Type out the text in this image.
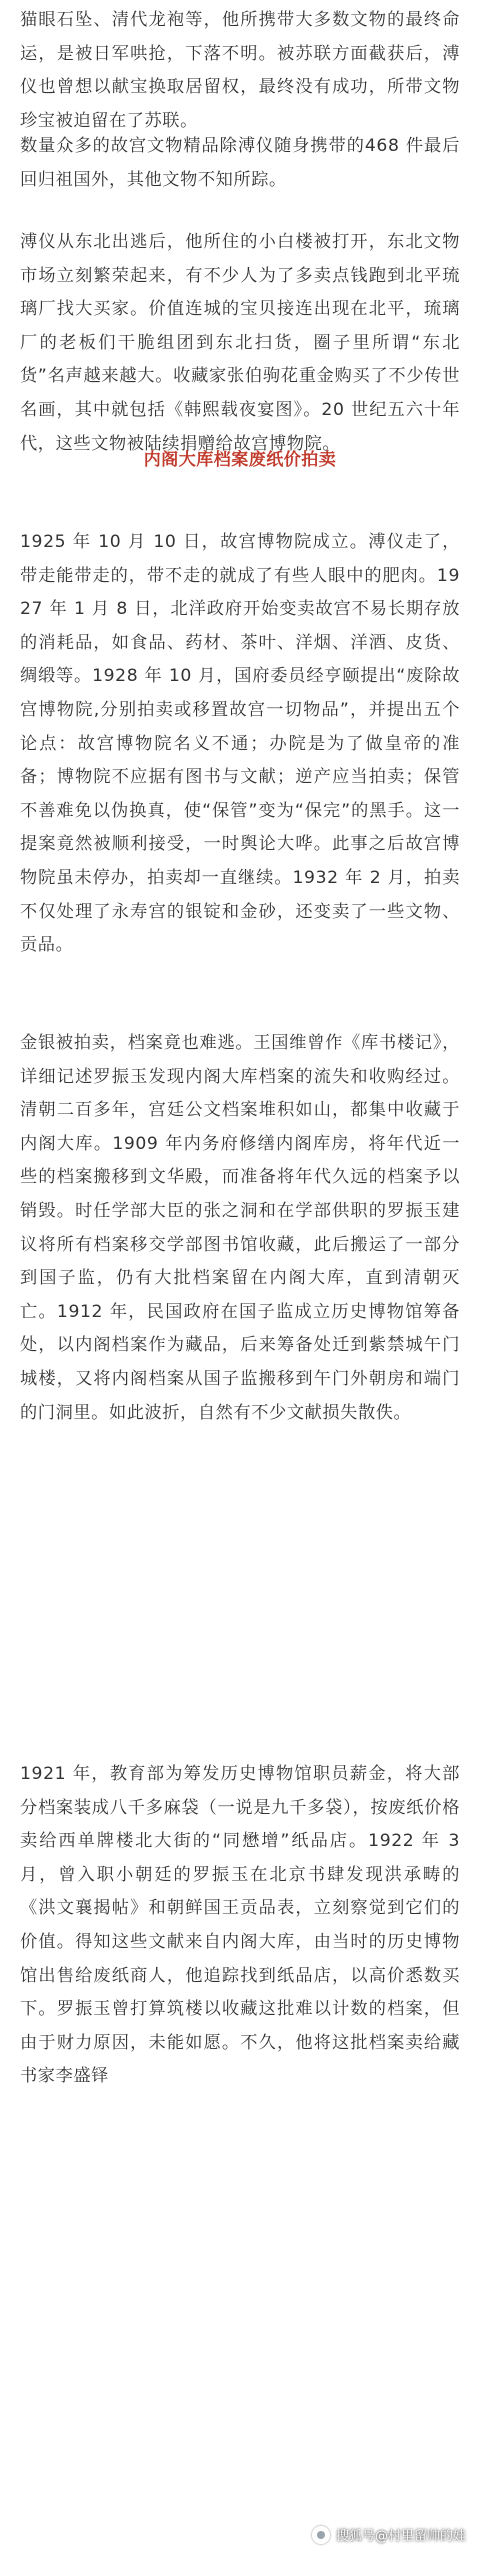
猫眼石坠、清代龙袍等，他所携带大多数文物的最终命运，是被日军哄抢，下落不明。被苏联方面截获后，溥仪也曾想以献宝换取居留权，最终没有成功，所带文物珍宝被迫留在了苏联。

数量众多的故宫文物精品除溥仪随身携带的468 件最后回归祖国外，其他文物不知所踪。

溥仪从东北出逃后，他所住的小白楼被打开，东北文物市场立刻繁荣起来，有不少人为了多卖点钱跑到北平琉璃厂找大买家。价值连城的宝贝接连出现在北平，琉璃厂的老板们干脆组团到东北扫货，圈子里所谓“东北货”名声越来越大。收藏家张伯驹花重金购买了不少传世名画，其中就包括《韩熙载夜宴图》。20 世纪五六十年代，这些文物被陆续捐赠给故宫博物院。

内阁大库档案废纸价拍卖

1925 年 10 月 10 日，故宫博物院成立。溥仪走了，带走能带走的，带不走的就成了有些人眼中的肥肉。1927 年 1 月 8 日，北洋政府开始变卖故宫不易长期存放的消耗品，如食品、药材、茶叶、洋烟、洋酒、皮货、绸缎等。1928 年 10 月，国府委员经亨颐提出“废除故宫博物院,分别拍卖或移置故宫一切物品”，并提出五个论点：故宫博物院名义不通；办院是为了做皇帝的准备；博物院不应据有图书与文献；逆产应当拍卖；保管不善难免以伪换真，使“保管”变为“保完”的黑手。这一提案竟然被顺利接受，一时舆论大哗。此事之后故宫博物院虽未停办，拍卖却一直继续。1932 年 2 月，拍卖不仅处理了永寿宫的银锭和金砂，还变卖了一些文物、贡品。

金银被拍卖，档案竟也难逃。王国维曾作《库书楼记》，详细记述罗振玉发现内阁大库档案的流失和收购经过。清朝二百多年，宫廷公文档案堆积如山，都集中收藏于内阁大库。1909 年内务府修缮内阁库房，将年代近一些的档案搬移到文华殿，而准备将年代久远的档案予以销毁。时任学部大臣的张之洞和在学部供职的罗振玉建议将所有档案移交学部图书馆收藏，此后搬运了一部分到国子监，仍有大批档案留在内阁大库，直到清朝灭亡。1912 年，民国政府在国子监成立历史博物馆筹备处，以内阁档案作为藏品，后来筹备处迁到紫禁城午门城楼，又将内阁档案从国子监搬移到午门外朝房和端门的门洞里。如此波折，自然有不少文献损失散佚。

1921 年，教育部为筹发历史博物馆职员薪金，将大部分档案装成八千多麻袋（一说是九千多袋），按废纸价格卖给西单牌楼北大街的“同懋增”纸品店。1922 年 3 月，曾入职小朝廷的罗振玉在北京书肆发现洪承畴的《洪文襄揭帖》和朝鲜国王贡品表，立刻察觉到它们的价值。得知这些文献来自内阁大库，由当时的历史博物馆出售给废纸商人，他追踪找到纸品店，以高价悉数买下。罗振玉曾打算筑楼以收藏这批难以计数的档案，但由于财力原因，未能如愿。不久，他将这批档案卖给藏书家李盛铎

搜狐号@村里留帅的娃
